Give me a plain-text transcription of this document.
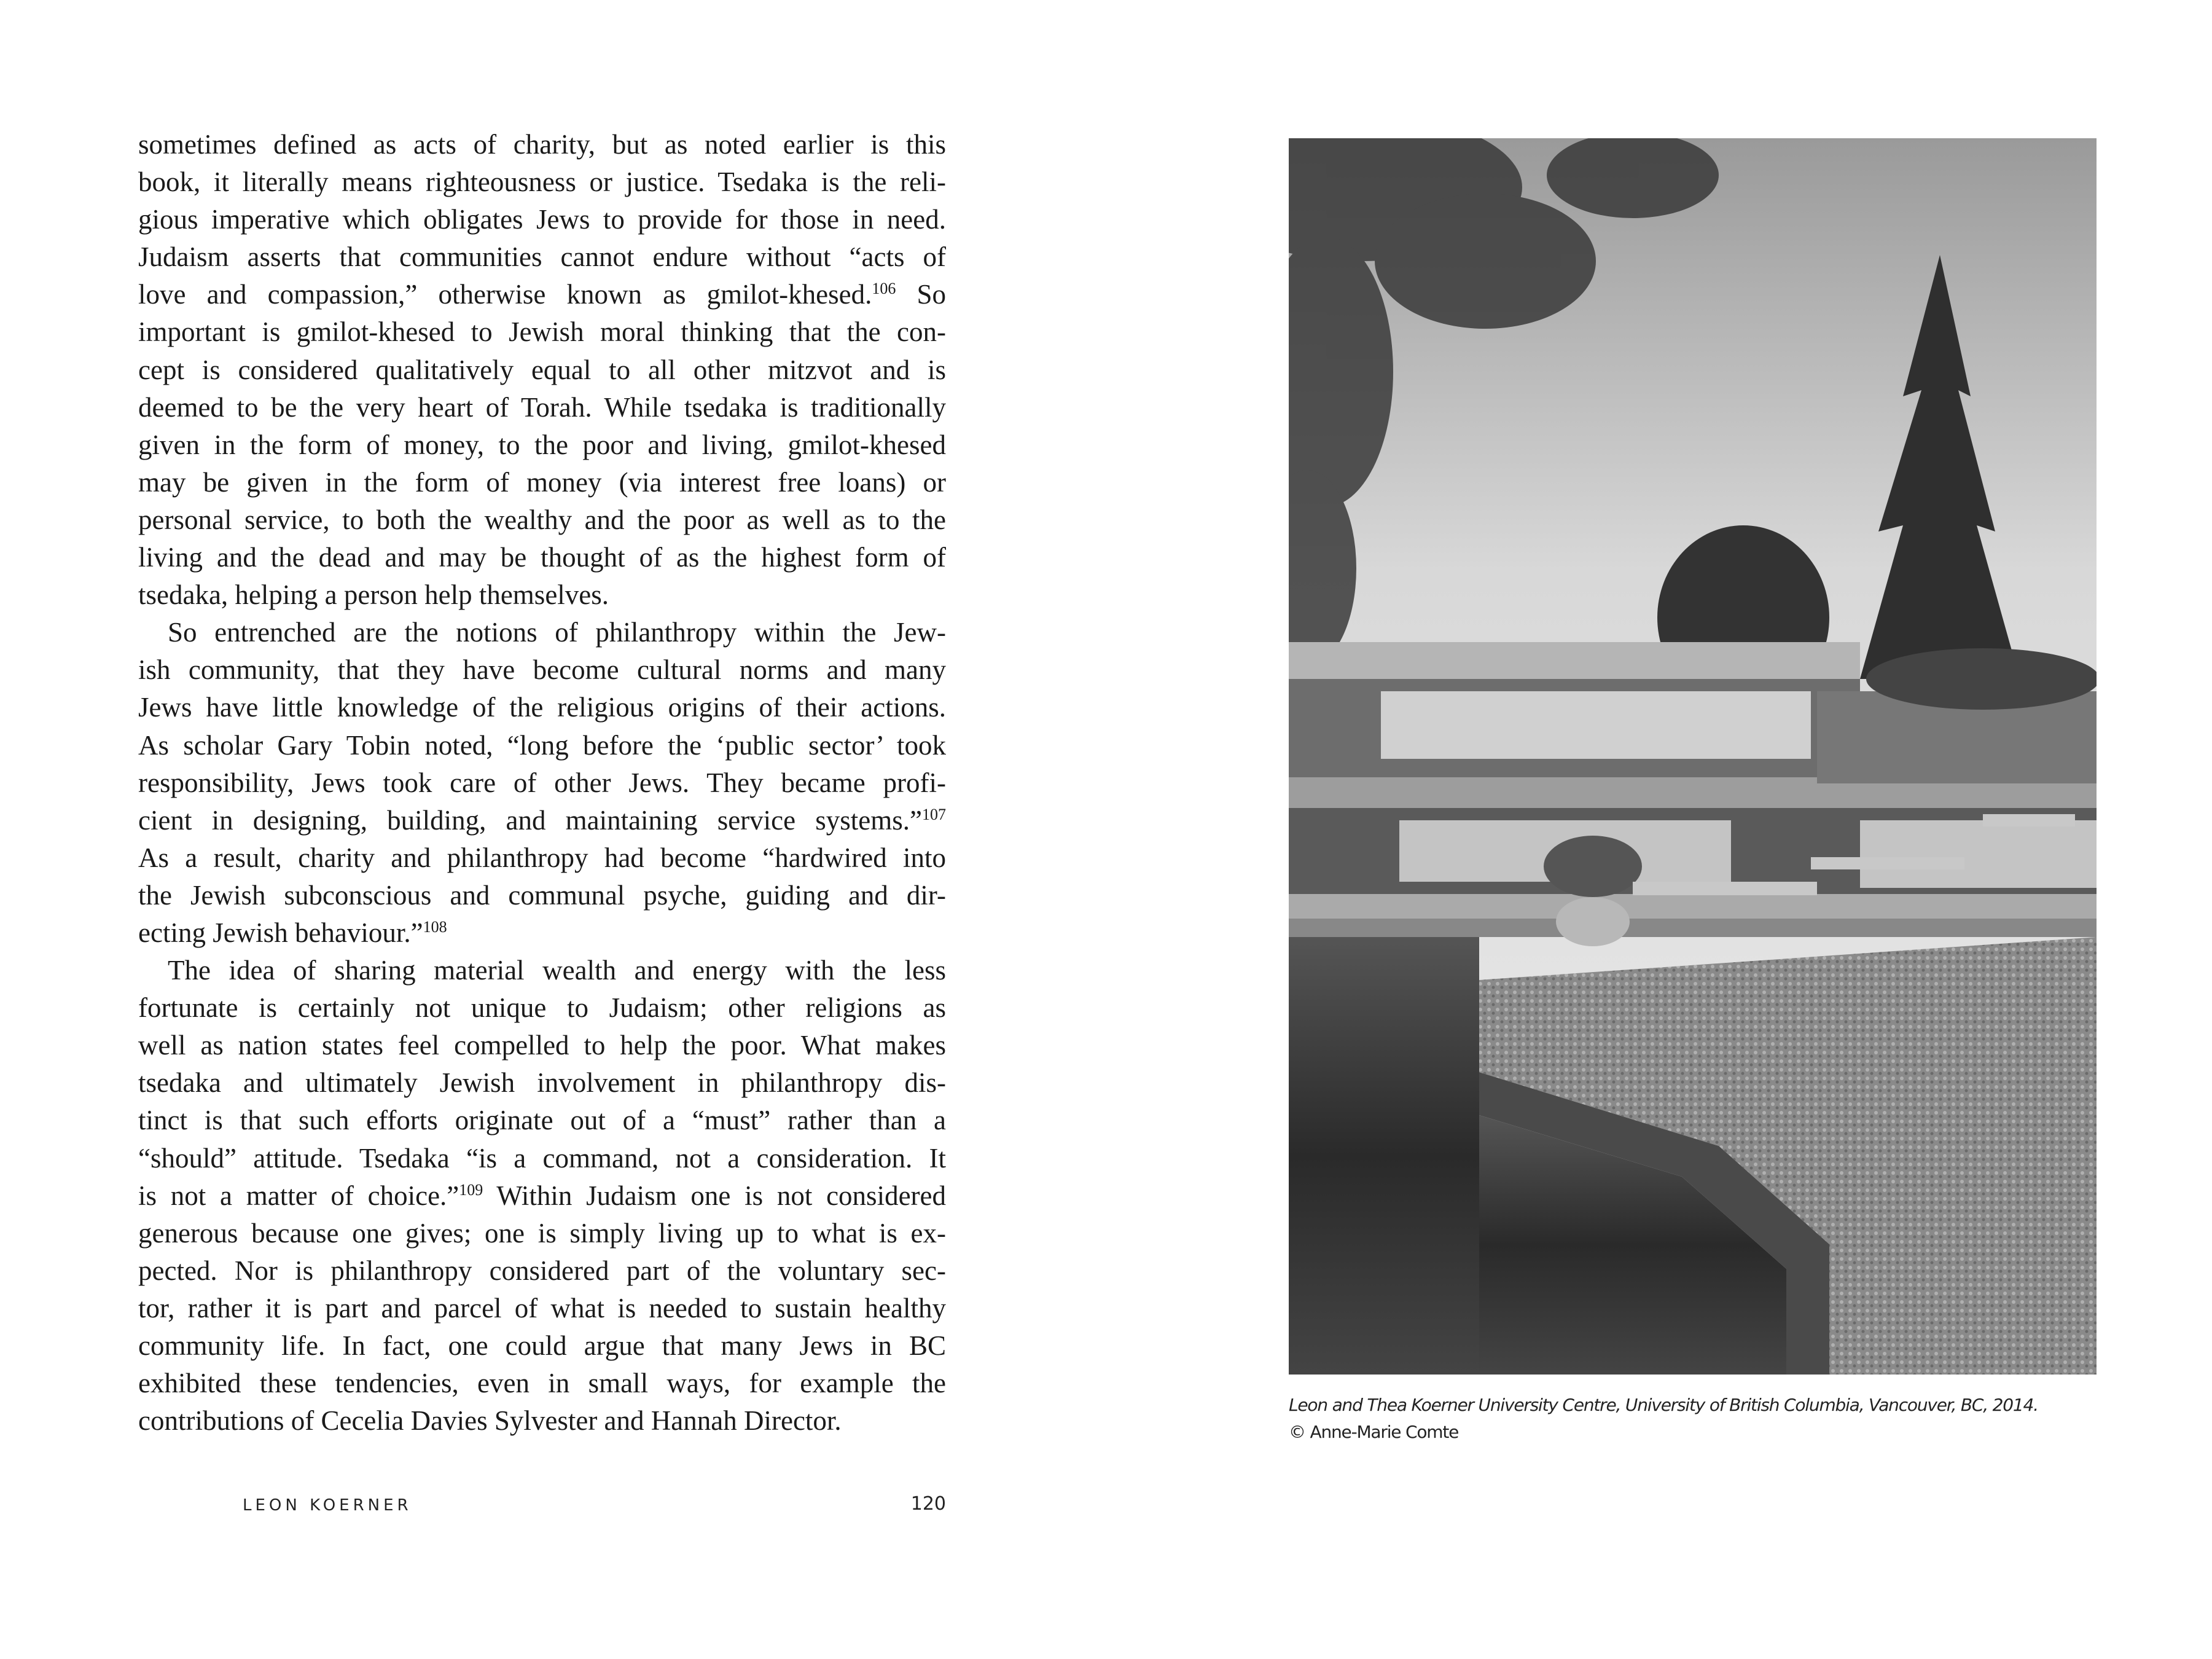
sometimes defined as acts of charity, but as noted earlier is this
book, it literally means righteousness or justice. Tsedaka is the reli-
gious imperative which obligates Jews to provide for those in need.
Judaism asserts that communities cannot endure without “acts of
love and compassion,” otherwise known as gmilot-khesed.$^{106}$ So
important is gmilot-khesed to Jewish moral thinking that the con-
cept is considered qualitatively equal to all other mitzvot and is
deemed to be the very heart of Torah. While tsedaka is traditionally
given in the form of money, to the poor and living, gmilot-khesed
may be given in the form of money (via interest free loans) or
personal service, to both the wealthy and the poor as well as to the
living and the dead and may be thought of as the highest form of
tsedaka, helping a person help themselves.
So entrenched are the notions of philanthropy within the Jew-
ish community, that they have become cultural norms and many
Jews have little knowledge of the religious origins of their actions.
As scholar Gary Tobin noted, “long before the ‘public sector’ took
responsibility, Jews took care of other Jews. They became profi-
cient in designing, building, and maintaining service systems.”$^{107}$
As a result, charity and philanthropy had become “hardwired into
the Jewish subconscious and communal psyche, guiding and dir-
ecting Jewish behaviour.”$^{108}$
The idea of sharing material wealth and energy with the less
fortunate is certainly not unique to Judaism; other religions as
well as nation states feel compelled to help the poor. What makes
tsedaka and ultimately Jewish involvement in philanthropy dis-
tinct is that such efforts originate out of a “must” rather than a
“should” attitude. Tsedaka “is a command, not a consideration. It
is not a matter of choice.”$^{109}$ Within Judaism one is not considered
generous because one gives; one is simply living up to what is ex-
pected. Nor is philanthropy considered part of the voluntary sec-
tor, rather it is part and parcel of what is needed to sustain healthy
community life. In fact, one could argue that many Jews in BC
exhibited these tendencies, even in small ways, for example the
contributions of Cecelia Davies Sylvester and Hannah Director.
Leon and Thea Koerner University Centre, University of British Columbia, Vancouver, BC, 2014.
© Anne-Marie Comte
LEON KOERNER	120
